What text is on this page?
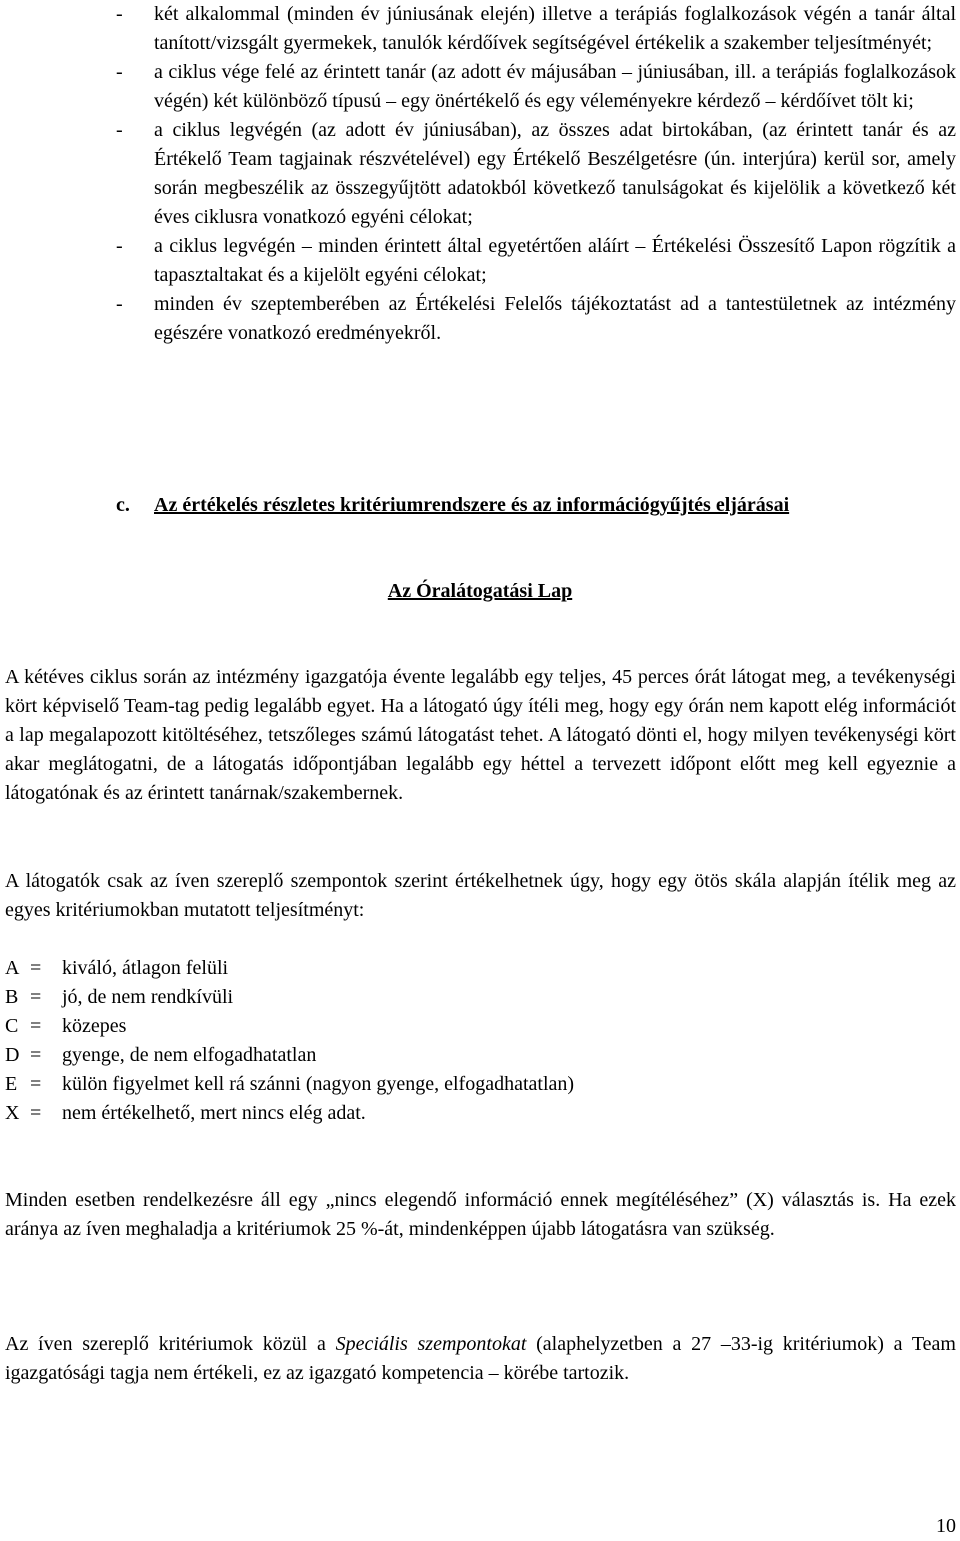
- két alkalommal (minden év júniusának elején) illetve a terápiás foglalkozások végén a tanár által tanított/vizsgált gyermekek, tanulók kérdőívek segítségével értékelik a szakember teljesítményét;
- a ciklus vége felé az érintett tanár (az adott év májusában – júniusában, ill. a terápiás foglalkozások végén) két különböző típusú – egy önértékelő és egy véleményekre kérdező – kérdőívet tölt ki;
- a ciklus legvégén (az adott év júniusában), az összes adat birtokában, (az érintett tanár és az Értékelő Team tagjainak részvételével) egy Értékelő Beszélgetésre (ún. interjúra) kerül sor, amely során megbeszélik az összegyűjtött adatokból következő tanulságokat és kijelölik a következő két éves ciklusra vonatkozó egyéni célokat;
- a ciklus legvégén – minden érintett által egyetértően aláírt – Értékelési Összesítő Lapon rögzítik a tapasztaltakat és a kijelölt egyéni célokat;
- minden év szeptemberében az Értékelési Felelős tájékoztatást ad a tantestületnek az intézmény egészére vonatkozó eredményekről.
c. Az értékelés részletes kritériumrendszere és az információgyűjtés eljárásai
Az Óralátogatási Lap

A kétéves ciklus során az intézmény igazgatója évente legalább egy teljes, 45 perces órát látogat meg, a tevékenységi kört képviselő Team-tag pedig legalább egyet. Ha a látogató úgy ítéli meg, hogy egy órán nem kapott elég információt a lap megalapozott kitöltéséhez, tetszőleges számú látogatást tehet. A látogató dönti el, hogy milyen tevékenységi kört akar meglátogatni, de a látogatás időpontjában legalább egy héttel a tervezett időpont előtt meg kell egyeznie a látogatónak és az érintett tanárnak/szakembernek.

A látogatók csak az íven szereplő szempontok szerint értékelhetnek úgy, hogy egy ötös skála alapján ítélik meg az egyes kritériumokban mutatott teljesítményt:

A = kiváló, átlagon felüli
B = jó, de nem rendkívüli
C = közepes
D = gyenge, de nem elfogadhatatlan
E = külön figyelmet kell rá szánni (nagyon gyenge, elfogadhatatlan)
X = nem értékelhető, mert nincs elég adat.

Minden esetben rendelkezésre áll egy „nincs elegendő információ ennek megítéléséhez” (X) választás is. Ha ezek aránya az íven meghaladja a kritériumok 25 %-át, mindenképpen újabb látogatásra van szükség.

Az íven szereplő kritériumok közül a Speciális szempontokat (alaphelyzetben a 27 –33-ig kritériumok) a Team igazgatósági tagja nem értékeli, ez az igazgató kompetencia – körébe tartozik.

10
